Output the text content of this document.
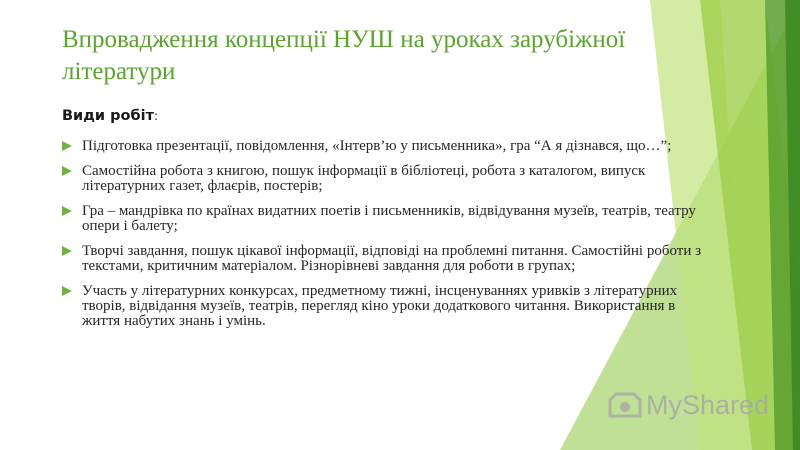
Впровадження концепції НУШ на уроках зарубіжної літератури
Види робіт:
Підготовка презентації, повідомлення, «Інтерв’ю у письменника», гра “А я дізнався, що…”;
Самостійна робота з книгою, пошук інформації в бібліотеці, робота з каталогом, випуск літературних газет, флаєрів, постерів;
Гра – мандрівка по країнах видатних поетів і письменників, відвідування музеїв, театрів, театру опери і балету;
Творчі завдання, пошук цікавої інформації, відповіді на проблемні питання. Самостійні роботи з текстами, критичним матеріалом. Різнорівневі завдання для роботи в групах;
Участь у літературних конкурсах, предметному тижні, інсценуваннях уривків з літературних творів, відвідання музеїв, театрів, перегляд кіно уроки додаткового читання. Використання в життя набутих знань і умінь.
MyShared
